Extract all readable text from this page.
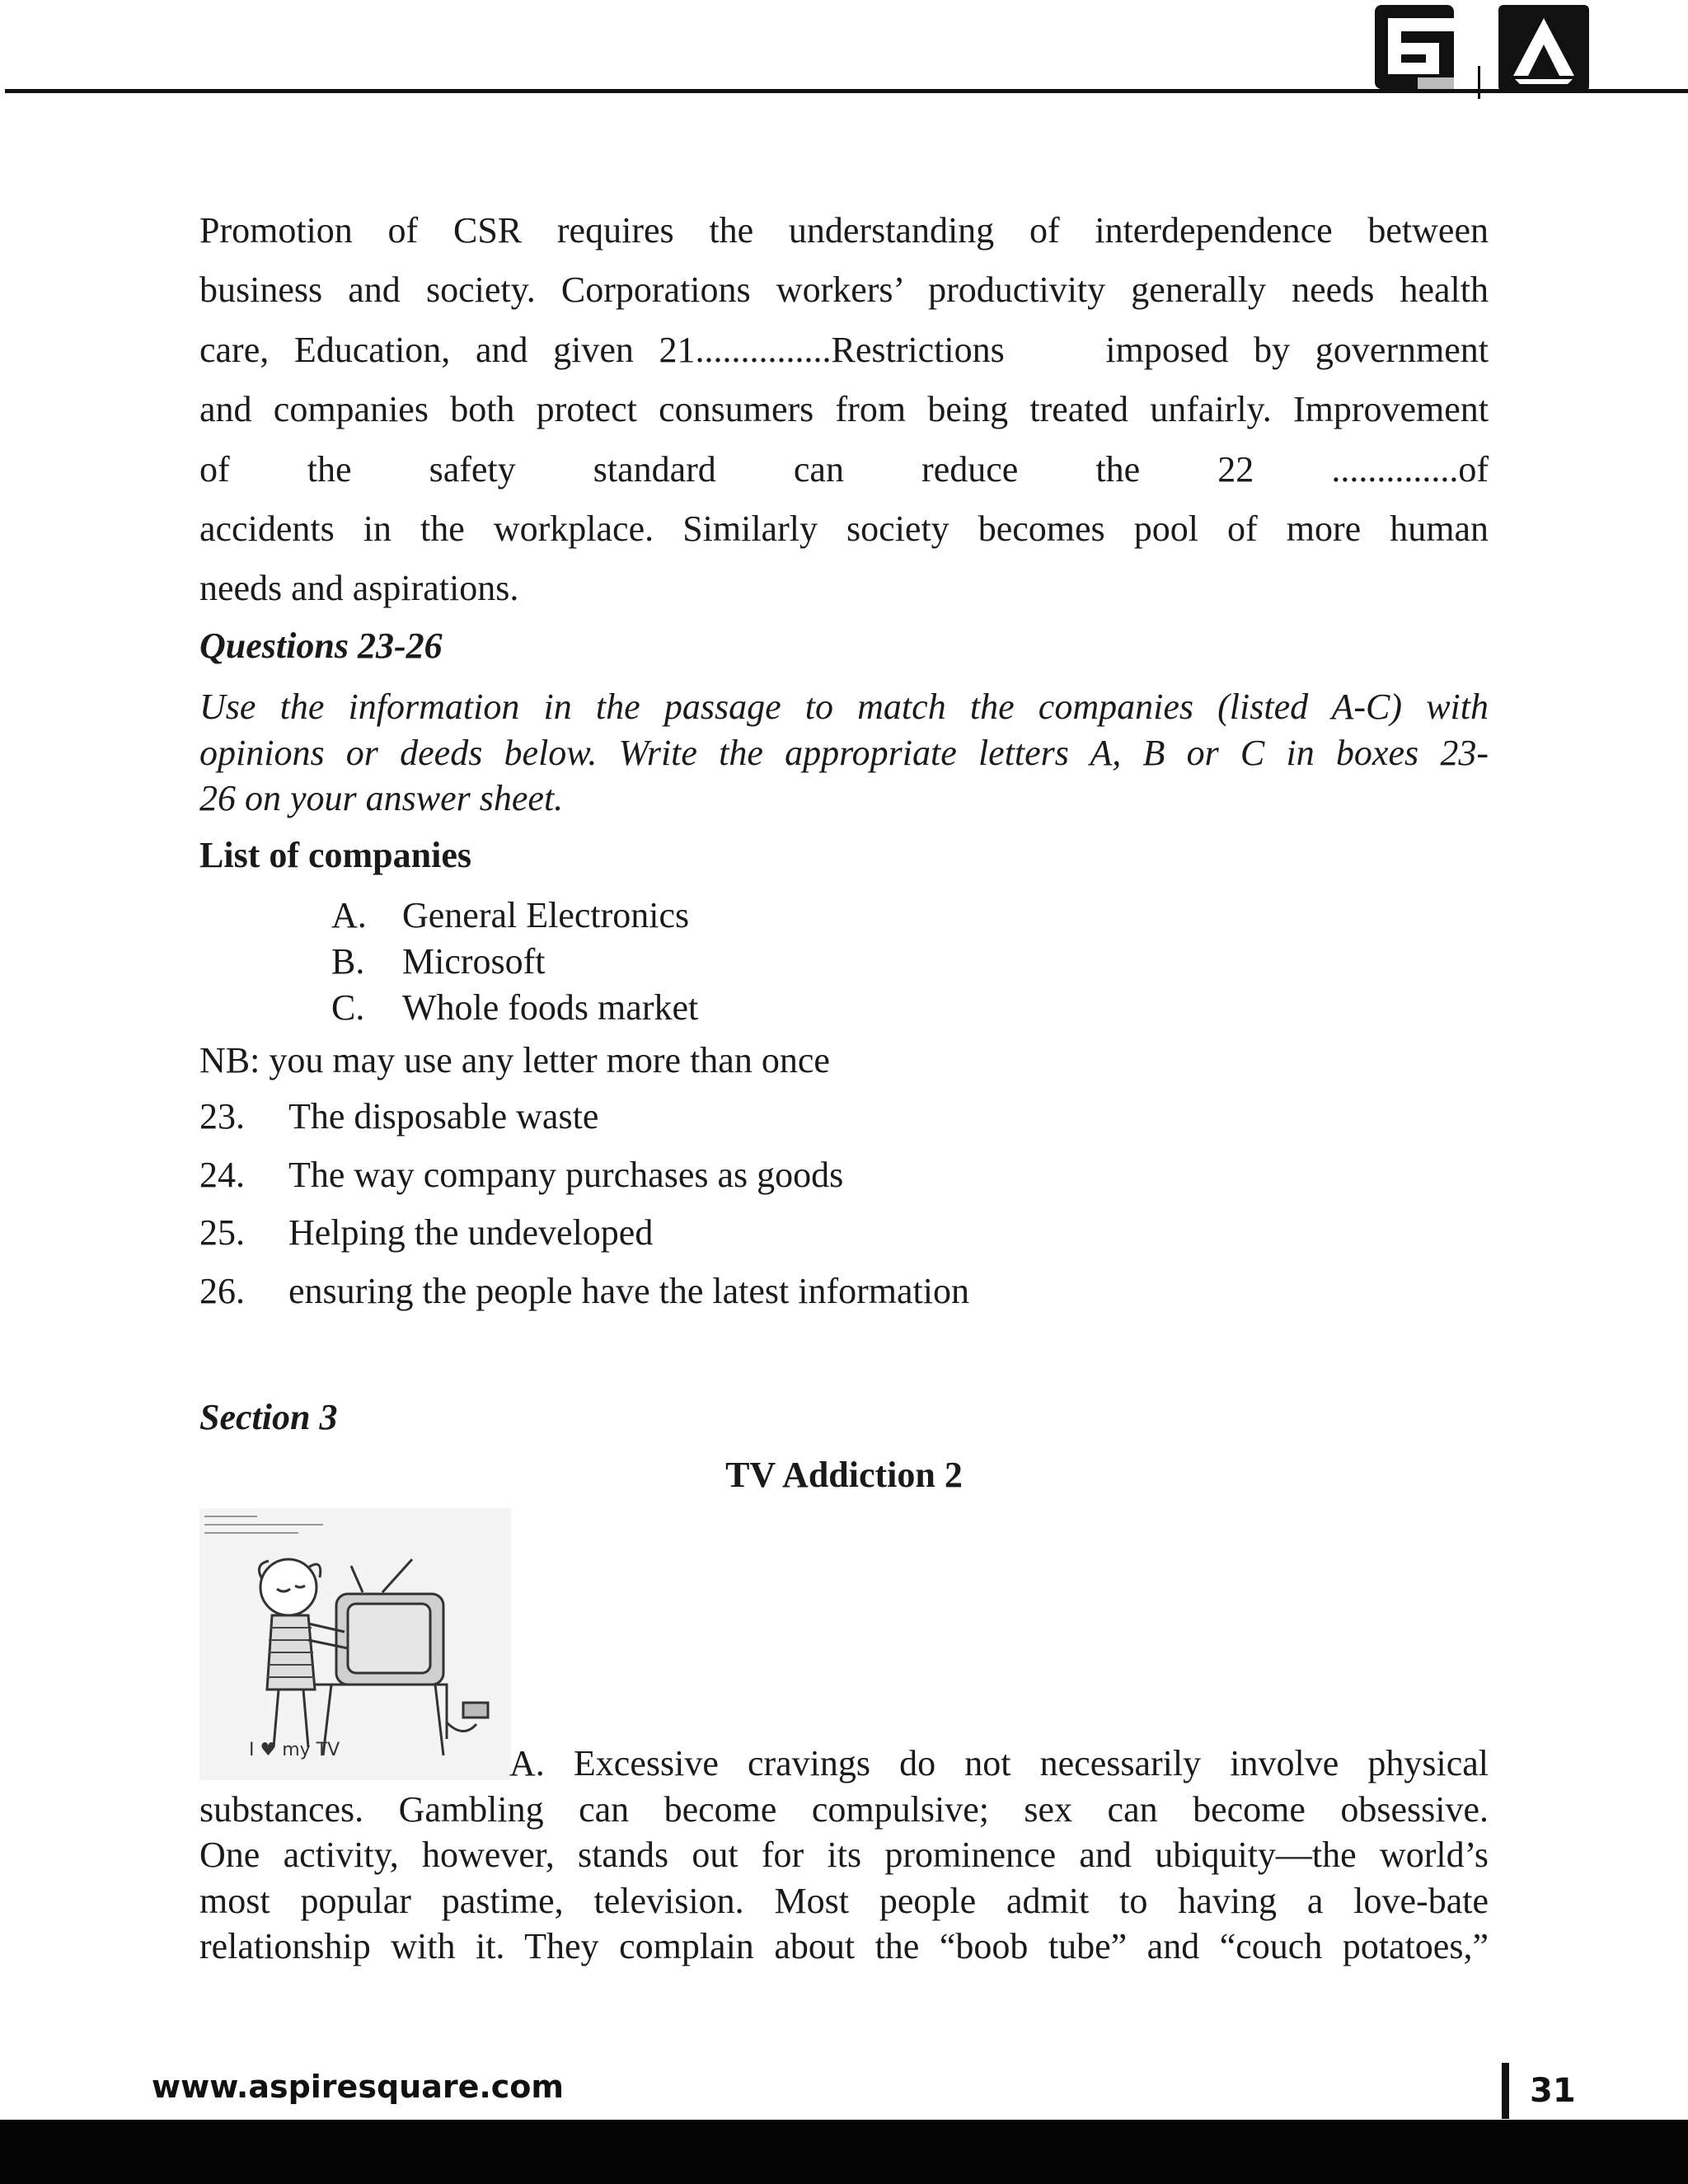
Promotion of CSR requires the understanding of interdependence between
business and society. Corporations workers’ productivity generally needs health
care, Education, and given 21...............Restrictions    imposed by government
and companies both protect consumers from being treated unfairly. Improvement
of the safety standard can reduce the 22 ..............of
accidents in the workplace. Similarly society becomes pool of more human
needs and aspirations.
Questions 23-26
Use the information in the passage to match the companies (listed A-C) with
opinions or deeds below. Write the appropriate letters A, B or C in boxes 23-
26 on your answer sheet.
List of companies
A. General Electronics
B.	Microsoft
C.	Whole foods market
NB: you may use any letter more than once
23.	The disposable waste
24.	The way company purchases as goods
25.	Helping the undeveloped
26.	ensuring the people have the latest information
Section 3
TV Addiction 2
I ♥ my TV	A. Excessive cravings do not necessarily involve physical
substances. Gambling can become compulsive; sex can become obsessive.
One activity, however, stands out for its prominence and ubiquity—the world’s
most popular pastime, television. Most people admit to having a love-bate
relationship with it. They complain about the “boob tube” and “couch potatoes,”
www.aspiresquare.com	31
